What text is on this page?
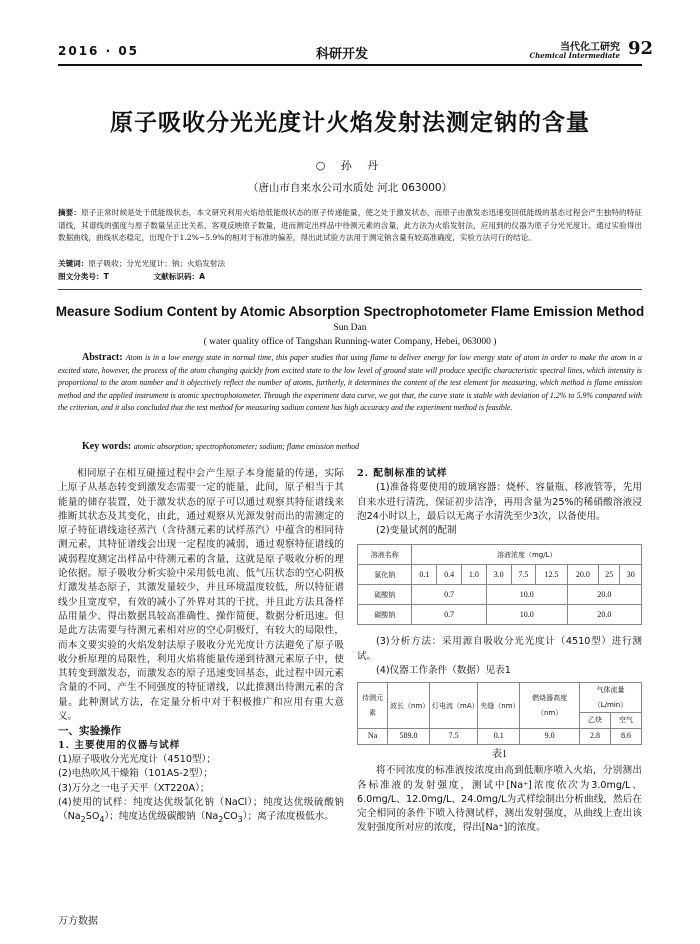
2016 · 05	科研开发	当代化工研究
Chemical Intermediate 92
原子吸收分光光度计火焰发射法测定钠的含量
○ 孙 丹
（唐山市自来水公司水质处 河北 063000）
摘要：原子正常时候是处于低能级状态，本文研究利用火焰给低能级状态的原子传递能量，使之处于激发状态，而原子由激发态迅速变回低能级的基态过程会产生独特的特征谱线，其谱线的强度与原子数量呈正比关系，客观反映原子数量，进而测定出样品中待测元素的含量，此方法为火焰发射法，应用到的仪器为原子分光光度计。通过实验得出数据曲线，曲线状态稳定，出现介于1.2%~5.9%的相对于标准的偏差，得出此试验方法用于测定钠含量有较高准确度，实验方法可行的结论。
关键词：原子吸收；分光光度计；钠；火焰发射法
图文分类号：T	文献标识码：A
Measure Sodium Content by Atomic Absorption Spectrophotometer Flame Emission Method
Sun Dan
( water quality office of Tangshan Running-water Company, Hebei, 063000 )
Abstract: Atom is in a low energy state in normal time, this paper studies that using flame to deliver energy for low energy state of atom in order to make the atom in a excited state, however, the process of the atom changing quickly from excited state to the low level of ground state will produce specific characteristic spectral lines, which intensity is proportional to the atom number and it objectively reflect the number of atoms, furtherly, it determines the content of the test element for measuring, which method is flame emission method and the applied instrument is atomic spectrophotometer. Through the experiment data curve, we got that, the curve state is stable with deviation of 1.2% to 5.9% compared with the criterion, and it also concluded that the test method for measuring sodium content has high accuracy and the experiment method is feasible.
Key words: atomic absorption; spectrophotometer; sodium; flame emission method
相同原子在相互碰撞过程中会产生原子本身能量的传递，实际上原子从基态转变到激发态需要一定的能量，此间，原子相当于其能量的储存装置，处于激发状态的原子可以通过观察其特征谱线来推断其状态及其变化，由此，通过观察从光源发射而出的需测定的原子特征谱线途径蒸汽（含待测元素的试样蒸汽）中蕴含的相同待测元素，其特征谱线会出现一定程度的减弱，通过观察特征谱线的减弱程度测定出样品中待测元素的含量，这就是原子吸收分析的理论依据。原子吸收分析实验中采用低电流、低气压状态的空心阴极灯激发基态原子，其激发量较少，并且环境温度较低，所以特征谱线少且宽度窄，有效的减小了外界对其的干扰，并且此方法具备样品用量少、得出数据具较高准确性、操作简便、数据分析迅速。但是此方法需要与待测元素相对应的空心阴极灯，有较大的局限性，而本文要实验的火焰发射法原子吸收分光光度计方法避免了原子吸收分析原理的局限性，利用火焰将能量传递到待测元素原子中，使其转变到激发态，而激发态的原子迅速变回基态，此过程中因元素含量的不同，产生不同强度的特征谱线，以此推测出待测元素的含量。此种测试方法，在定量分析中对于积极推广和应用有重大意义。
一、实验操作
1. 主要使用的仪器与试样
(1)原子吸收分光光度计（4510型）；
(2)电热吹风干燥箱（101AS-2型）；
(3)万分之一电子天平（XT220A）；
(4)使用的试样：纯度达优级氯化钠（NaCl）；纯度达优级硫酸钠$(Na_2SO_4)$；纯度达优级碳酸钠$(Na_2CO_3)$；离子浓度极低水。
2. 配制标准的试样
(1)准备将要使用的玻璃容器：烧杯、容量瓶、移液管等，先用自来水进行清洗，保证初步洁净，再用含量为25%的稀硝酸溶液浸泡24小时以上，最后以无离子水清洗至少3次，以备使用。
(2)变量试剂的配制
溶液名称	溶液浓度（mg/L）								
氯化钠	0.1	0.4	1.0	3.0	7.5	12.5	20.0	25	30
硫酸钠	0.7			10.0			20.0		
碳酸钠	0.7			10.0			20.0		
(3)分析方法：采用源自吸收分光光度计（4510型）进行测试。
(4)仪器工作条件（数据）见表1
待测元素	波长（nm）	灯电流（mA）	夹缝（nm）	燃烧器高度（nm）	气体流量（L/min）	
					乙炔	空气
Na	589.0	7.5	0.1	9.0	2.8	8.6
表1
将不同浓度的标准液按浓度由高到低顺序喷入火焰，分别测出各标准液的发射强度，测试中[Na⁺]浓度依次为3.0mg/L、6.0mg/L、12.0mg/L、24.0mg/L为式样绘制出分析曲线，然后在完全相同的条件下喷入待测试样，测出发射强度，从曲线上查出该发射强度所对应的浓度，得出[Na⁺]的浓度。
万方数据
